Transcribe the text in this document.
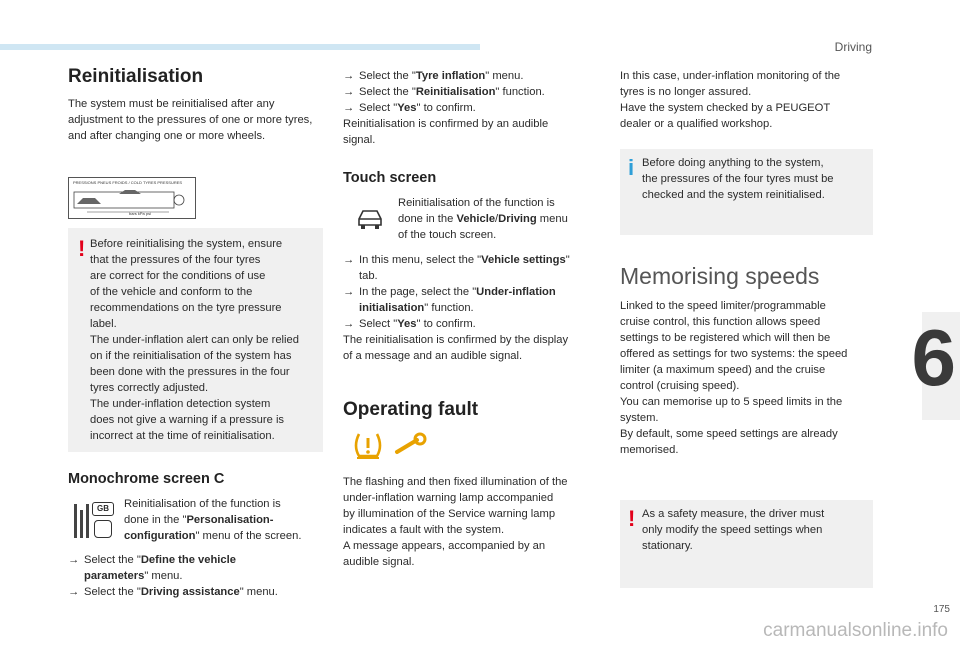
Driving
6
175
carmanualsonline.info
Reinitialisation

The system must be reinitialised after any adjustment to the pressures of one or more tyres, and after changing one or more wheels.

PRESSIONS PNEUS FROIDS / COLD TYRES PRESSURES
bars kPa psi
! Before reinitialising the system, ensure

that the pressures of the four tyres

are correct for the conditions of use

of the vehicle and conform to the

recommendations on the tyre pressure

label.

The under-inflation alert can only be relied

on if the reinitialisation of the system has

been done with the pressures in the four

tyres correctly adjusted.

The under-inflation detection system

does not give a warning if a pressure is

incorrect at the time of reinitialisation.

Monochrome screen C
GB	Reinitialisation of the function is

done in the "Personalisation-

configuration" menu of the screen.

→ Select the "Define the vehicle
parameters" menu.
→ Select the "Driving assistance" menu.
→ Select the "Tyre inflation" menu.
→ Select the "Reinitialisation" function.
→ Select "Yes" to confirm.

Reinitialisation is confirmed by an audible

signal.

Touch screen

Reinitialisation of the function is

done in the Vehicle/Driving menu

of the touch screen.

→ In this menu, select the "Vehicle settings"
tab.
→ In the page, select the "Under-inflation
initialisation" function.
→ Select "Yes" to confirm.

The reinitialisation is confirmed by the display

of a message and an audible signal.

Operating fault

The flashing and then fixed illumination of the

under-inflation warning lamp accompanied

by illumination of the Service warning lamp

indicates a fault with the system.

A message appears, accompanied by an

audible signal.

In this case, under-inflation monitoring of the

tyres is no longer assured.

Have the system checked by a PEUGEOT

dealer or a qualified workshop.

i Before doing anything to the system,

the pressures of the four tyres must be

checked and the system reinitialised.

Memorising speeds

Linked to the speed limiter/programmable

cruise control, this function allows speed

settings to be registered which will then be

offered as settings for two systems: the speed

limiter (a maximum speed) and the cruise

control (cruising speed).

You can memorise up to 5 speed limits in the

system.

By default, some speed settings are already

memorised.

! As a safety measure, the driver must

only modify the speed settings when

stationary.
